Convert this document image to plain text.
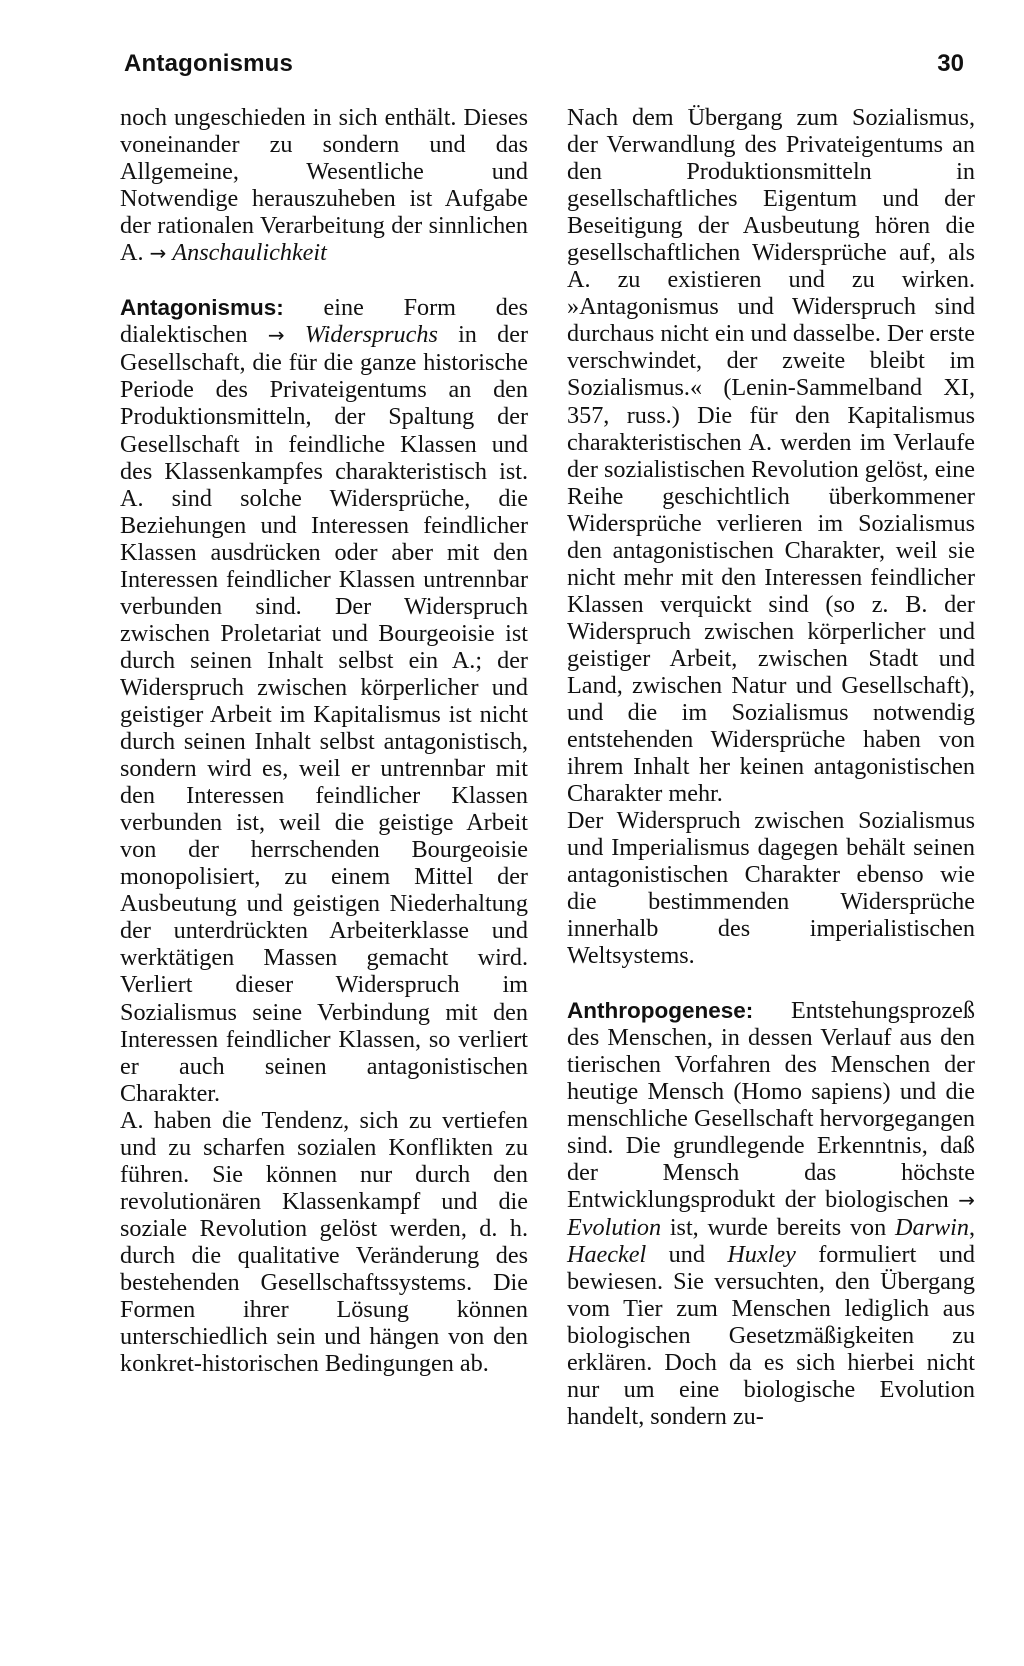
Antagonismus	30

noch ungeschieden in sich enthält. Dieses voneinander zu sondern und das Allgemeine, Wesentliche und Notwendige herauszuheben ist Aufgabe der rationalen Verarbeitung der sinnlichen A. → Anschaulichkeit

Antagonismus: eine Form des dialektischen → Widerspruchs in der Gesellschaft, die für die ganze historische Periode des Privateigentums an den Produktionsmitteln, der Spaltung der Gesellschaft in feindliche Klassen und des Klassenkampfes charakteristisch ist. A. sind solche Widersprüche, die Beziehungen und Interessen feindlicher Klassen ausdrücken oder aber mit den Interessen feindlicher Klassen untrennbar verbunden sind. Der Widerspruch zwischen Proletariat und Bourgeoisie ist durch seinen Inhalt selbst ein A.; der Widerspruch zwischen körperlicher und geistiger Arbeit im Kapitalismus ist nicht durch seinen Inhalt selbst antagonistisch, sondern wird es, weil er untrennbar mit den Interessen feindlicher Klassen verbunden ist, weil die geistige Arbeit von der herrschenden Bourgeoisie monopolisiert, zu einem Mittel der Ausbeutung und geistigen Niederhaltung der unterdrückten Arbeiterklasse und werktätigen Massen gemacht wird. Verliert dieser Widerspruch im Sozialismus seine Verbindung mit den Interessen feindlicher Klassen, so verliert er auch seinen antagonistischen Charakter.

A. haben die Tendenz, sich zu vertiefen und zu scharfen sozialen Konflikten zu führen. Sie können nur durch den revolutionären Klassenkampf und die soziale Revolution gelöst werden, d. h. durch die qualitative Veränderung des bestehenden Gesellschaftssystems. Die Formen ihrer Lösung können unterschiedlich sein und hängen von den konkret-historischen Bedingungen ab.

Nach dem Übergang zum Sozialismus, der Verwandlung des Privateigentums an den Produktionsmitteln in gesellschaftliches Eigentum und der Beseitigung der Ausbeutung hören die gesellschaftlichen Widersprüche auf, als A. zu existieren und zu wirken. »Antagonismus und Widerspruch sind durchaus nicht ein und dasselbe. Der erste verschwindet, der zweite bleibt im Sozialismus.« (Lenin-Sammelband XI, 357, russ.) Die für den Kapitalismus charakteristischen A. werden im Verlaufe der sozialistischen Revolution gelöst, eine Reihe geschichtlich überkommener Widersprüche verlieren im Sozialismus den antagonistischen Charakter, weil sie nicht mehr mit den Interessen feindlicher Klassen verquickt sind (so z. B. der Widerspruch zwischen körperlicher und geistiger Arbeit, zwischen Stadt und Land, zwischen Natur und Gesellschaft), und die im Sozialismus notwendig entstehenden Widersprüche haben von ihrem Inhalt her keinen antagonistischen Charakter mehr.

Der Widerspruch zwischen Sozialismus und Imperialismus dagegen behält seinen antagonistischen Charakter ebenso wie die bestimmenden Widersprüche innerhalb des imperialistischen Weltsystems.

Anthropogenese: Entstehungsprozeß des Menschen, in dessen Verlauf aus den tierischen Vorfahren des Menschen der heutige Mensch (Homo sapiens) und die menschliche Gesellschaft hervorgegangen sind. Die grundlegende Erkenntnis, daß der Mensch das höchste Entwicklungsprodukt der biologischen → Evolution ist, wurde bereits von Darwin, Haeckel und Huxley formuliert und bewiesen. Sie versuchten, den Übergang vom Tier zum Menschen lediglich aus biologischen Gesetzmäßigkeiten zu erklären. Doch da es sich hierbei nicht nur um eine biologische Evolution handelt, sondern zu-
